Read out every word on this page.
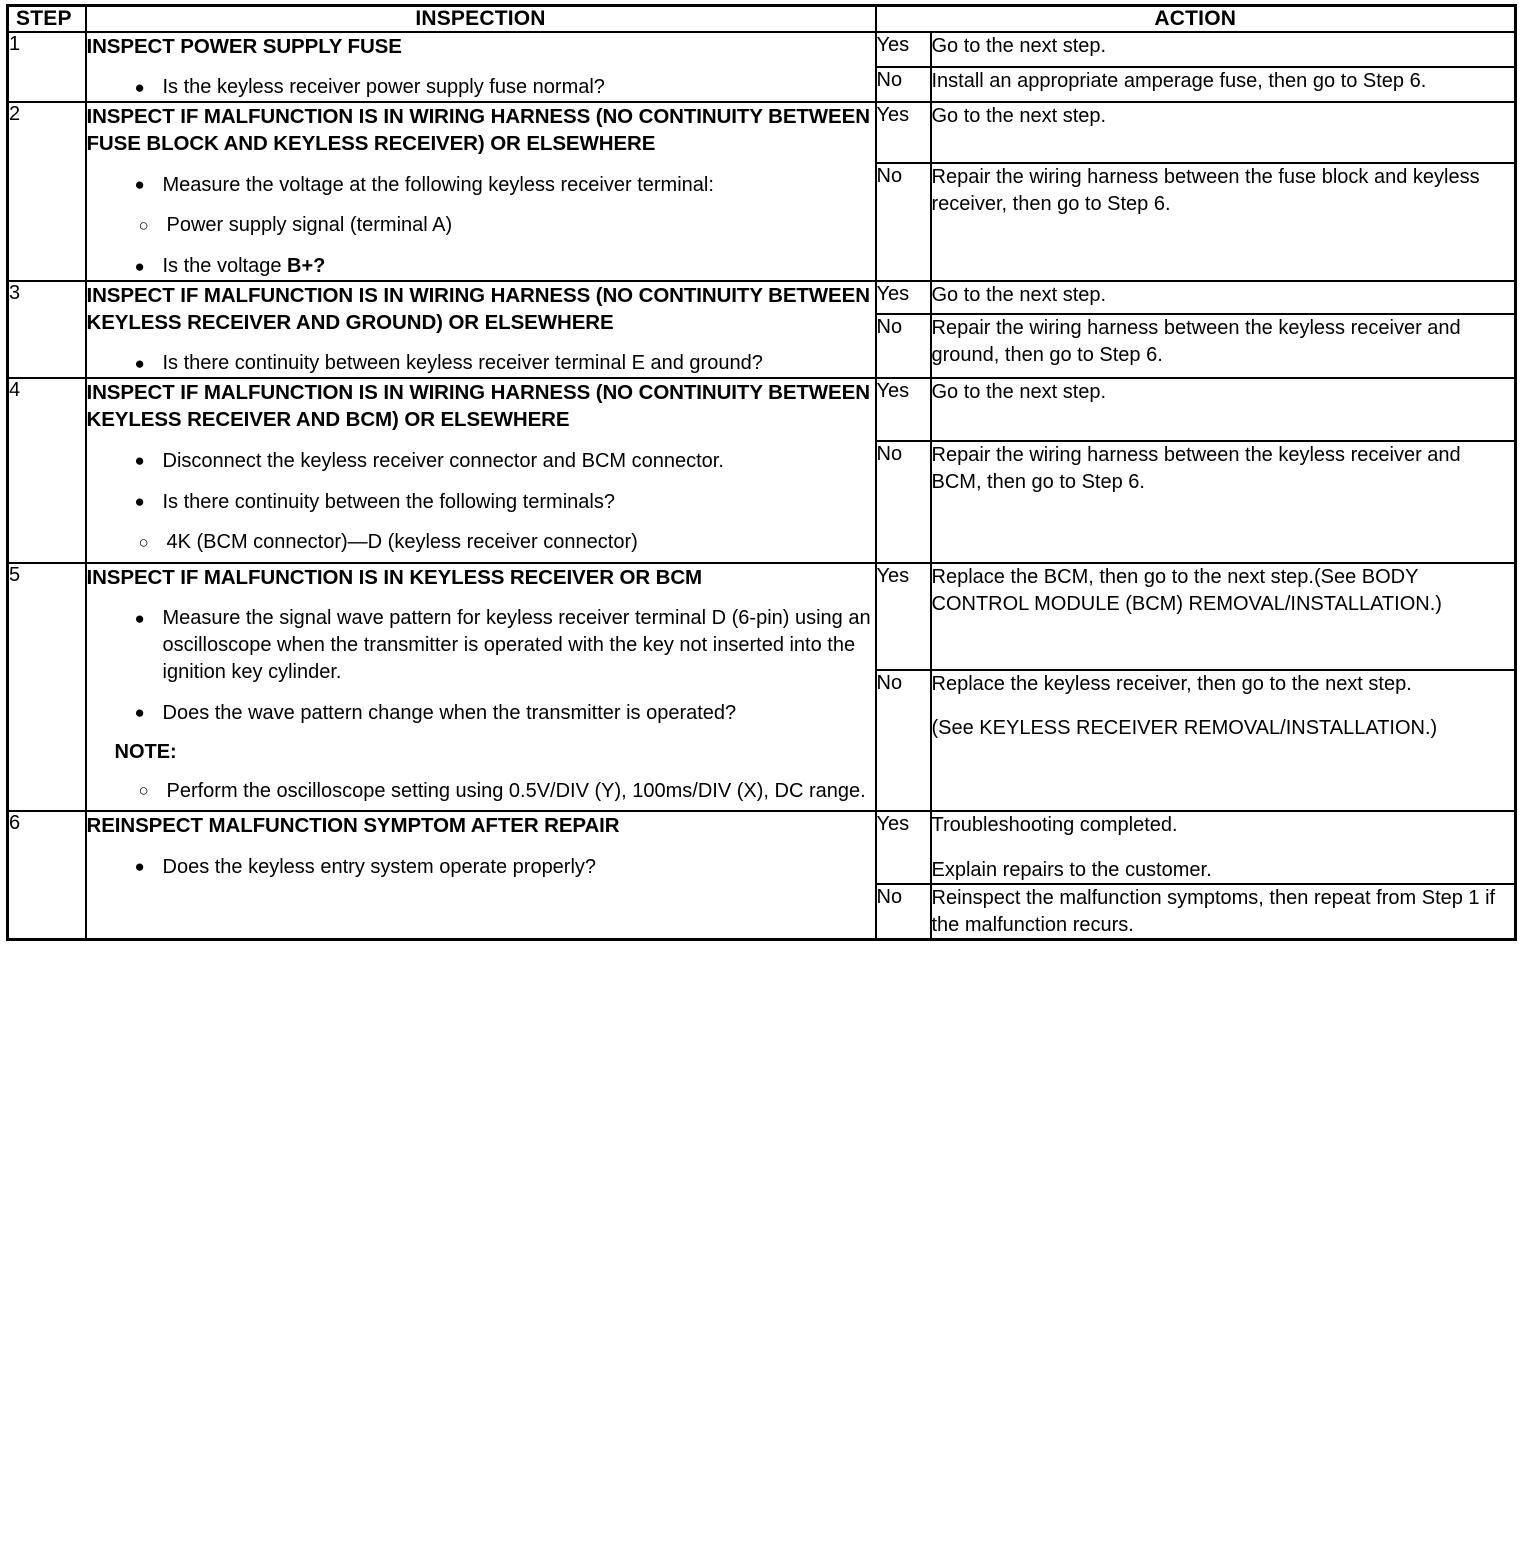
STEP	INSPECTION	ACTION	
1	INSPECT POWER SUPPLY FUSE
● Is the keyless receiver power supply fuse normal?
	Yes	Go to the next step.

		No	Install an appropriate amperage fuse, then go to Step 6.

2	INSPECT IF MALFUNCTION IS IN WIRING HARNESS (NO CONTINUITY BETWEEN FUSE BLOCK AND KEYLESS RECEIVER) OR ELSEWHERE
● Measure the voltage at the following keyless receiver terminal:
○ Power supply signal (terminal A)
● Is the voltage B+?
	Yes	Go to the next step.

		No	Repair the wiring harness between the fuse block and keyless receiver, then go to Step 6.

3	INSPECT IF MALFUNCTION IS IN WIRING HARNESS (NO CONTINUITY BETWEEN KEYLESS RECEIVER AND GROUND) OR ELSEWHERE
● Is there continuity between keyless receiver terminal E and ground?
	Yes	Go to the next step.

		No	Repair the wiring harness between the keyless receiver and ground, then go to Step 6.

4	INSPECT IF MALFUNCTION IS IN WIRING HARNESS (NO CONTINUITY BETWEEN KEYLESS RECEIVER AND BCM) OR ELSEWHERE
● Disconnect the keyless receiver connector and BCM connector.
● Is there continuity between the following terminals?
○ 4K (BCM connector)—D (keyless receiver connector)
	Yes	Go to the next step.

		No	Repair the wiring harness between the keyless receiver and BCM, then go to Step 6.

5	INSPECT IF MALFUNCTION IS IN KEYLESS RECEIVER OR BCM
● Measure the signal wave pattern for keyless receiver terminal D (6-pin) using an oscilloscope when the transmitter is operated with the key not inserted into the ignition key cylinder.
● Does the wave pattern change when the transmitter is operated?
NOTE:
○ Perform the oscilloscope setting using 0.5V/DIV (Y), 100ms/DIV (X), DC range.
	Yes	Replace the BCM, then go to the next step.(See BODY CONTROL MODULE (BCM) REMOVAL/INSTALLATION.)

		No	Replace the keyless receiver, then go to the next step.
(See KEYLESS RECEIVER REMOVAL/INSTALLATION.)

6	REINSPECT MALFUNCTION SYMPTOM AFTER REPAIR
● Does the keyless entry system operate properly?
	Yes	Troubleshooting completed.
Explain repairs to the customer.

		No	Reinspect the malfunction symptoms, then repeat from Step 1 if the malfunction recurs.
